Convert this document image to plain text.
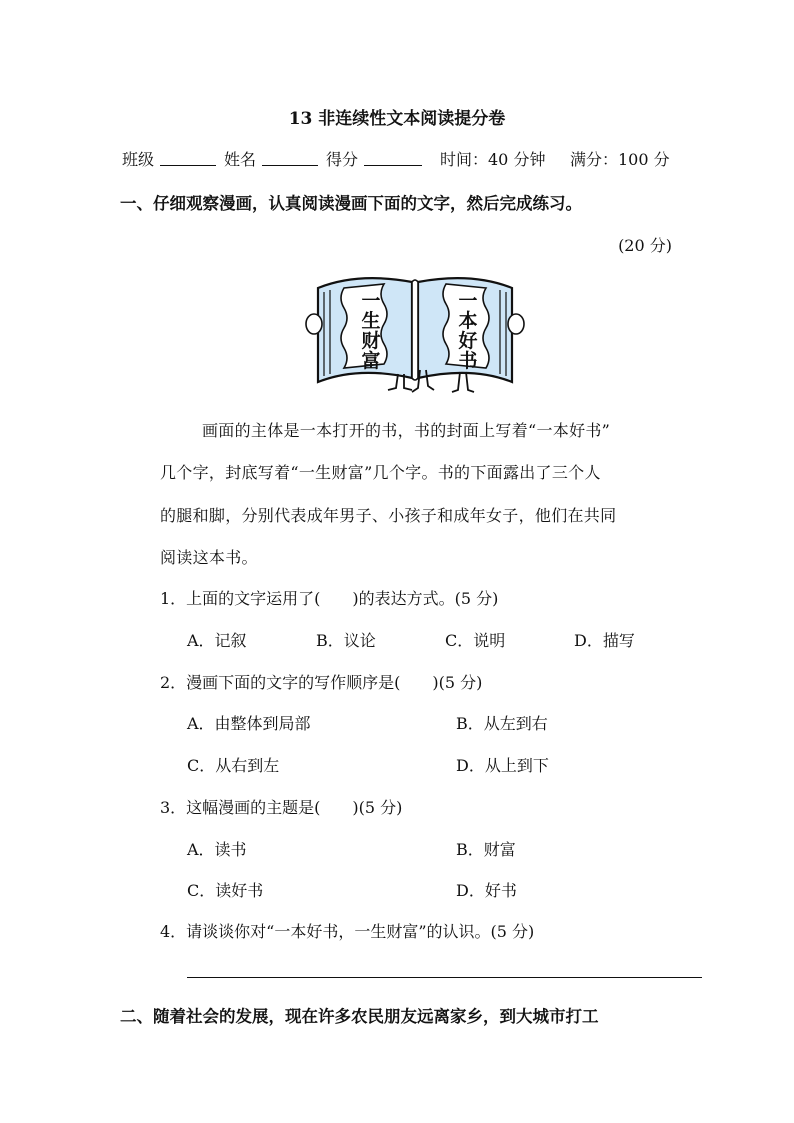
13 非连续性文本阅读提分卷
班级	姓名	得分	时间：40 分钟 满分：100 分
一、仔细观察漫画，认真阅读漫画下面的文字，然后完成练习。
(20 分)
一
生
财
富
一
本
好
书
画面的主体是一本打开的书，书的封面上写着“一本好书”
几个字，封底写着“一生财富”几个字。书的下面露出了三个人
的腿和脚，分别代表成年男子、小孩子和成年女子，他们在共同
阅读这本书。
1．上面的文字运用了(　　)的表达方式。(5 分)
A．记叙	B．议论	C．说明	D．描写
2．漫画下面的文字的写作顺序是(　　)(5 分)
A．由整体到局部	B．从左到右
C．从右到左	D．从上到下
3．这幅漫画的主题是(　　)(5 分)
A．读书	B．财富
C．读好书	D．好书
4．请谈谈你对“一本好书，一生财富”的认识。(5 分)
二、随着社会的发展，现在许多农民朋友远离家乡，到大城市打工
